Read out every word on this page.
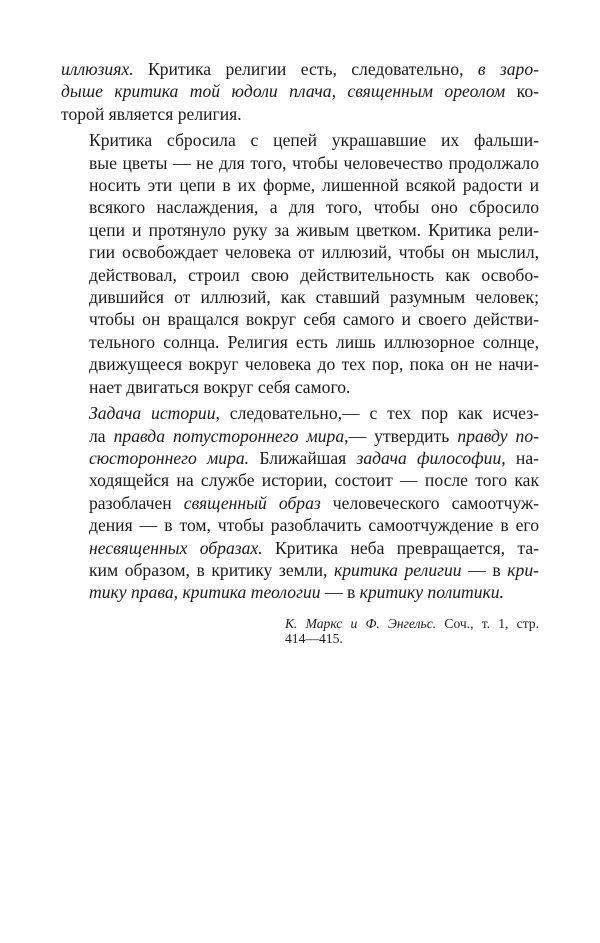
иллюзиях. Критика религии есть, следовательно, в заро-
дыше критика той юдоли плача, священным ореолом ко-
торой является религия.

Критика сбросила с цепей украшавшие их фальши-
вые цветы — не для того, чтобы человечество продолжало
носить эти цепи в их форме, лишенной всякой радости и
всякого наслаждения, а для того, чтобы оно сбросило
цепи и протянуло руку за живым цветком. Критика рели-
гии освобождает человека от иллюзий, чтобы он мыслил,
действовал, строил свою действительность как освобо-
дившийся от иллюзий, как ставший разумным человек;
чтобы он вращался вокруг себя самого и своего действи-
тельного солнца. Религия есть лишь иллюзорное солнце,
движущееся вокруг человека до тех пор, пока он не начи-
нает двигаться вокруг себя самого.

Задача истории, следовательно,— с тех пор как исчез-
ла правда потустороннего мира,— утвердить правду по-
сюстороннего мира. Ближайшая задача философии, на-
ходящейся на службе истории, состоит — после того как
разоблачен священный образ человеческого самоотчуж-
дения — в том, чтобы разоблачить самоотчуждение в его
несвященных образах. Критика неба превращается, та-
ким образом, в критику земли, критика религии — в кри-
тику права, критика теологии — в критику политики.

К. Маркс и Ф. Энгельс. Соч., т. 1, стр.
414—415.
